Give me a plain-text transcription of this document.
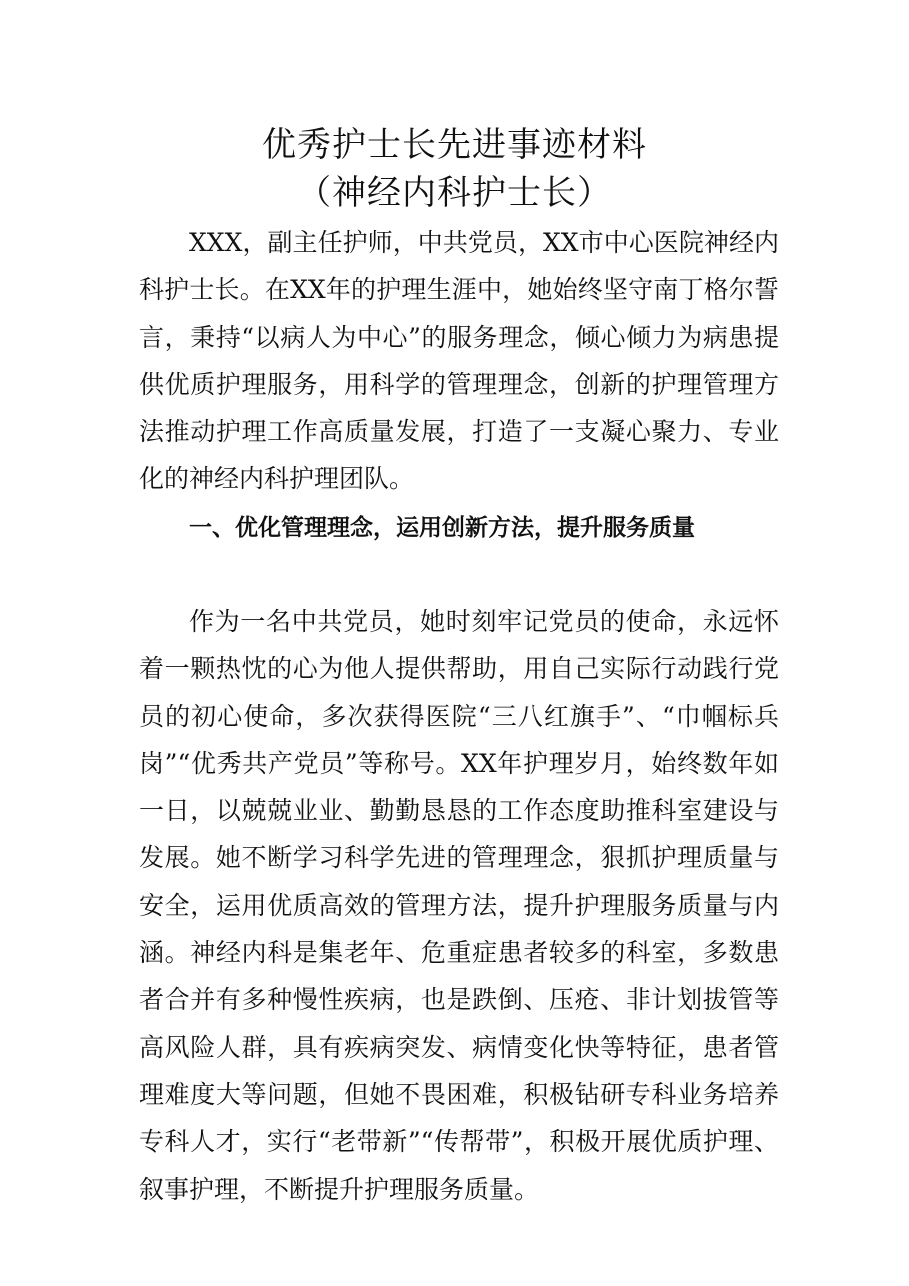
优秀护士长先进事迹材料
（神经内科护士长）

XXX，副主任护师，中共党员，XX市中心医院神经内科护士长。在XX年的护理生涯中，她始终坚守南丁格尔誓言，秉持“以病人为中心”的服务理念，倾心倾力为病患提供优质护理服务，用科学的管理理念，创新的护理管理方法推动护理工作高质量发展，打造了一支凝心聚力、专业化的神经内科护理团队。

一、优化管理理念，运用创新方法，提升服务质量

作为一名中共党员，她时刻牢记党员的使命，永远怀着一颗热忱的心为他人提供帮助，用自己实际行动践行党员的初心使命，多次获得医院“三八红旗手”、“巾帼标兵岗”“优秀共产党员”等称号。XX年护理岁月，始终数年如一日，以兢兢业业、勤勤恳恳的工作态度助推科室建设与发展。她不断学习科学先进的管理理念，狠抓护理质量与安全，运用优质高效的管理方法，提升护理服务质量与内涵。神经内科是集老年、危重症患者较多的科室，多数患者合并有多种慢性疾病，也是跌倒、压疮、非计划拔管等高风险人群，具有疾病突发、病情变化快等特征，患者管理难度大等问题，但她不畏困难，积极钻研专科业务培养专科人才，实行“老带新”“传帮带”，积极开展优质护理、叙事护理，不断提升护理服务质量。
